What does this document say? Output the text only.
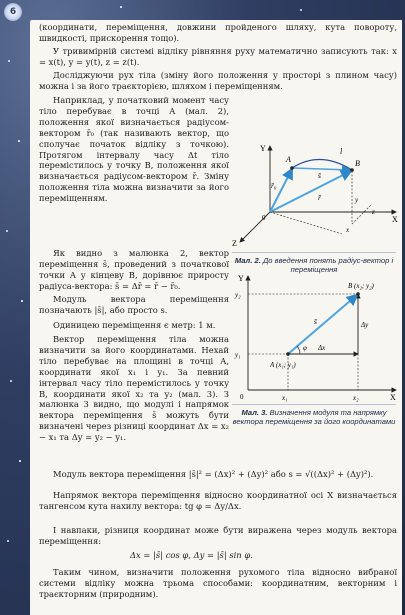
6

(координати, переміщення, довжини пройденого шляху, кута повороту, швидкості, прискорення тощо).

У тривимірній системі відліку рівняння руху математично записують так: x = x(t), y = y(t), z = z(t).

Досліджуючи рух тіла (зміну його положення у просторі з плином часу) можна і за його траєкторією, шляхом і переміщенням.

Наприклад, у початковий момент часу тіло перебуває в точці A (мал. 2), положення якої визначається радіусом-вектором r̄₀ (так називають вектор, що сполучає початок відліку з точкою). Протягом інтервалу часу Δt тіло перемістилось у точку B, положення якої визначається радіусом-вектором r̄. Зміну положення тіла можна визначити за його переміщенням.

Як видно з малюнка 2, вектор переміщення s̄, проведений з початкової точки A у кінцеву B, дорівнює приросту радіуса-вектора: s̄ = Δr̄ = r̄ − r̄₀.

Модуль вектора переміщення позначають |s̄|, або просто s.

Одиницею переміщення є метр: 1 м.

Вектор переміщення тіла можна визначити за його координатами. Нехай тіло перебуває на площині в точці A, координати якої x₁ і y₁. За певний інтервал часу тіло перемістилось у точку B, координати якої x₂ та y₂ (мал. 3). З малюнка 3 видно, що модулі і напрямок вектора переміщення s̄ можуть бути визначені через різниці координат Δx = x₂ − x₁ та Δy = y₂ − y₁.

Модуль вектора переміщення |s̄|² = (Δx)² + (Δy)² або s = √((Δx)² + (Δy)²).

Напрямок вектора переміщення відносно координатної осі X визначається тангенсом кута нахилу вектора: tg φ = Δy/Δx.

І навпаки, різниця координат може бути виражена через модуль вектора переміщення:

Δx = |s̄| cos φ, Δy = |s̄| sin φ.

Таким чином, визначити положення рухомого тіла відносно вибраної системи відліку можна трьома способами: координатним, векторним і траєкторним (природним).

Y
X
Z
0
A	B
l
r̄₀
r̄
s̄
x
y
z
Мал. 2. До введення понять радіус-вектор і переміщення
Y
X
0
A (x₁; y₁)
B (x₂; y₂)
s̄
φ Δx
Δy
x₁	x₂
y₁
y₂
Мал. 3. Визначення модуля та напрямку вектора переміщення за його координатами
